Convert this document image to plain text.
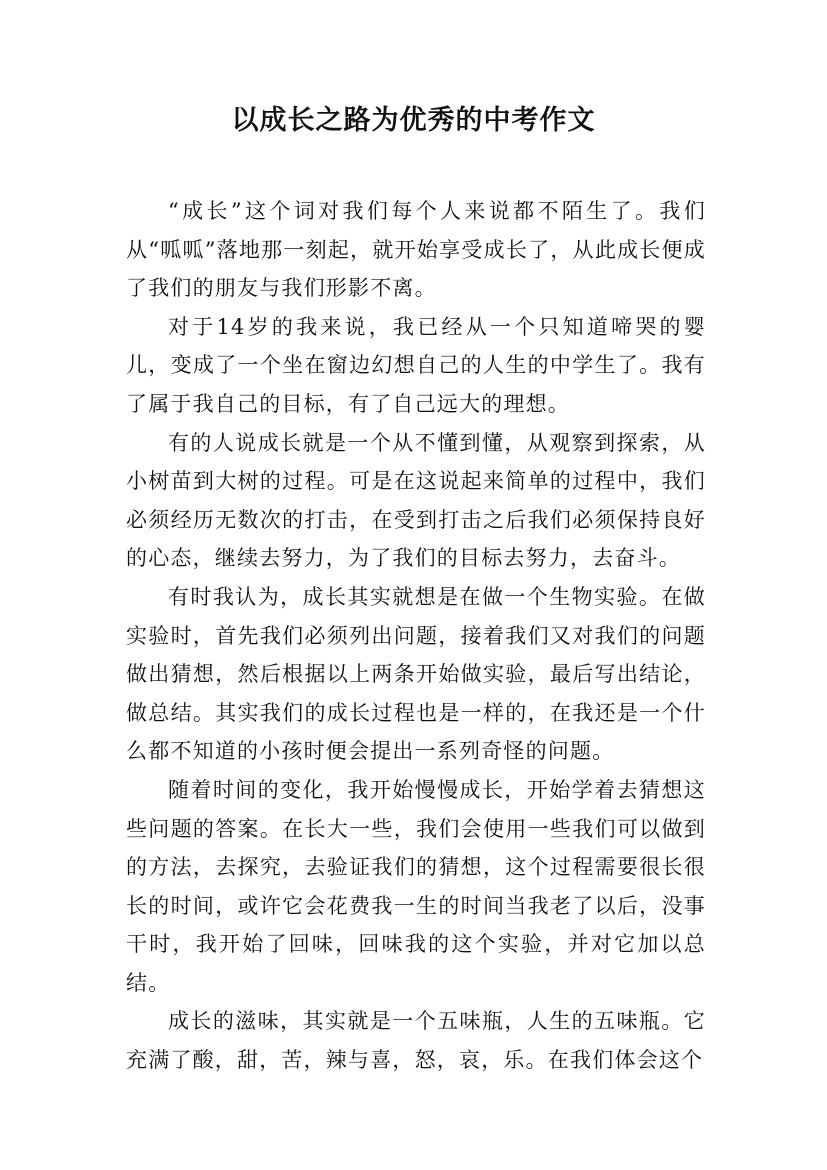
以成长之路为优秀的中考作文

“成长”这个词对我们每个人来说都不陌生了。我们从“呱呱”落地那一刻起，就开始享受成长了，从此成长便成了我们的朋友与我们形影不离。

对于14岁的我来说，我已经从一个只知道啼哭的婴儿，变成了一个坐在窗边幻想自己的人生的中学生了。我有了属于我自己的目标，有了自己远大的理想。

有的人说成长就是一个从不懂到懂，从观察到探索，从小树苗到大树的过程。可是在这说起来简单的过程中，我们必须经历无数次的打击，在受到打击之后我们必须保持良好的心态，继续去努力，为了我们的目标去努力，去奋斗。

有时我认为，成长其实就想是在做一个生物实验。在做实验时，首先我们必须列出问题，接着我们又对我们的问题做出猜想，然后根据以上两条开始做实验，最后写出结论，做总结。其实我们的成长过程也是一样的，在我还是一个什么都不知道的小孩时便会提出一系列奇怪的问题。

随着时间的变化，我开始慢慢成长，开始学着去猜想这些问题的答案。在长大一些，我们会使用一些我们可以做到的方法，去探究，去验证我们的猜想，这个过程需要很长很长的时间，或许它会花费我一生的时间当我老了以后，没事干时，我开始了回味，回味我的这个实验，并对它加以总结。

成长的滋味，其实就是一个五味瓶，人生的五味瓶。它充满了酸，甜，苦，辣与喜，怒，哀，乐。在我们体会这个
